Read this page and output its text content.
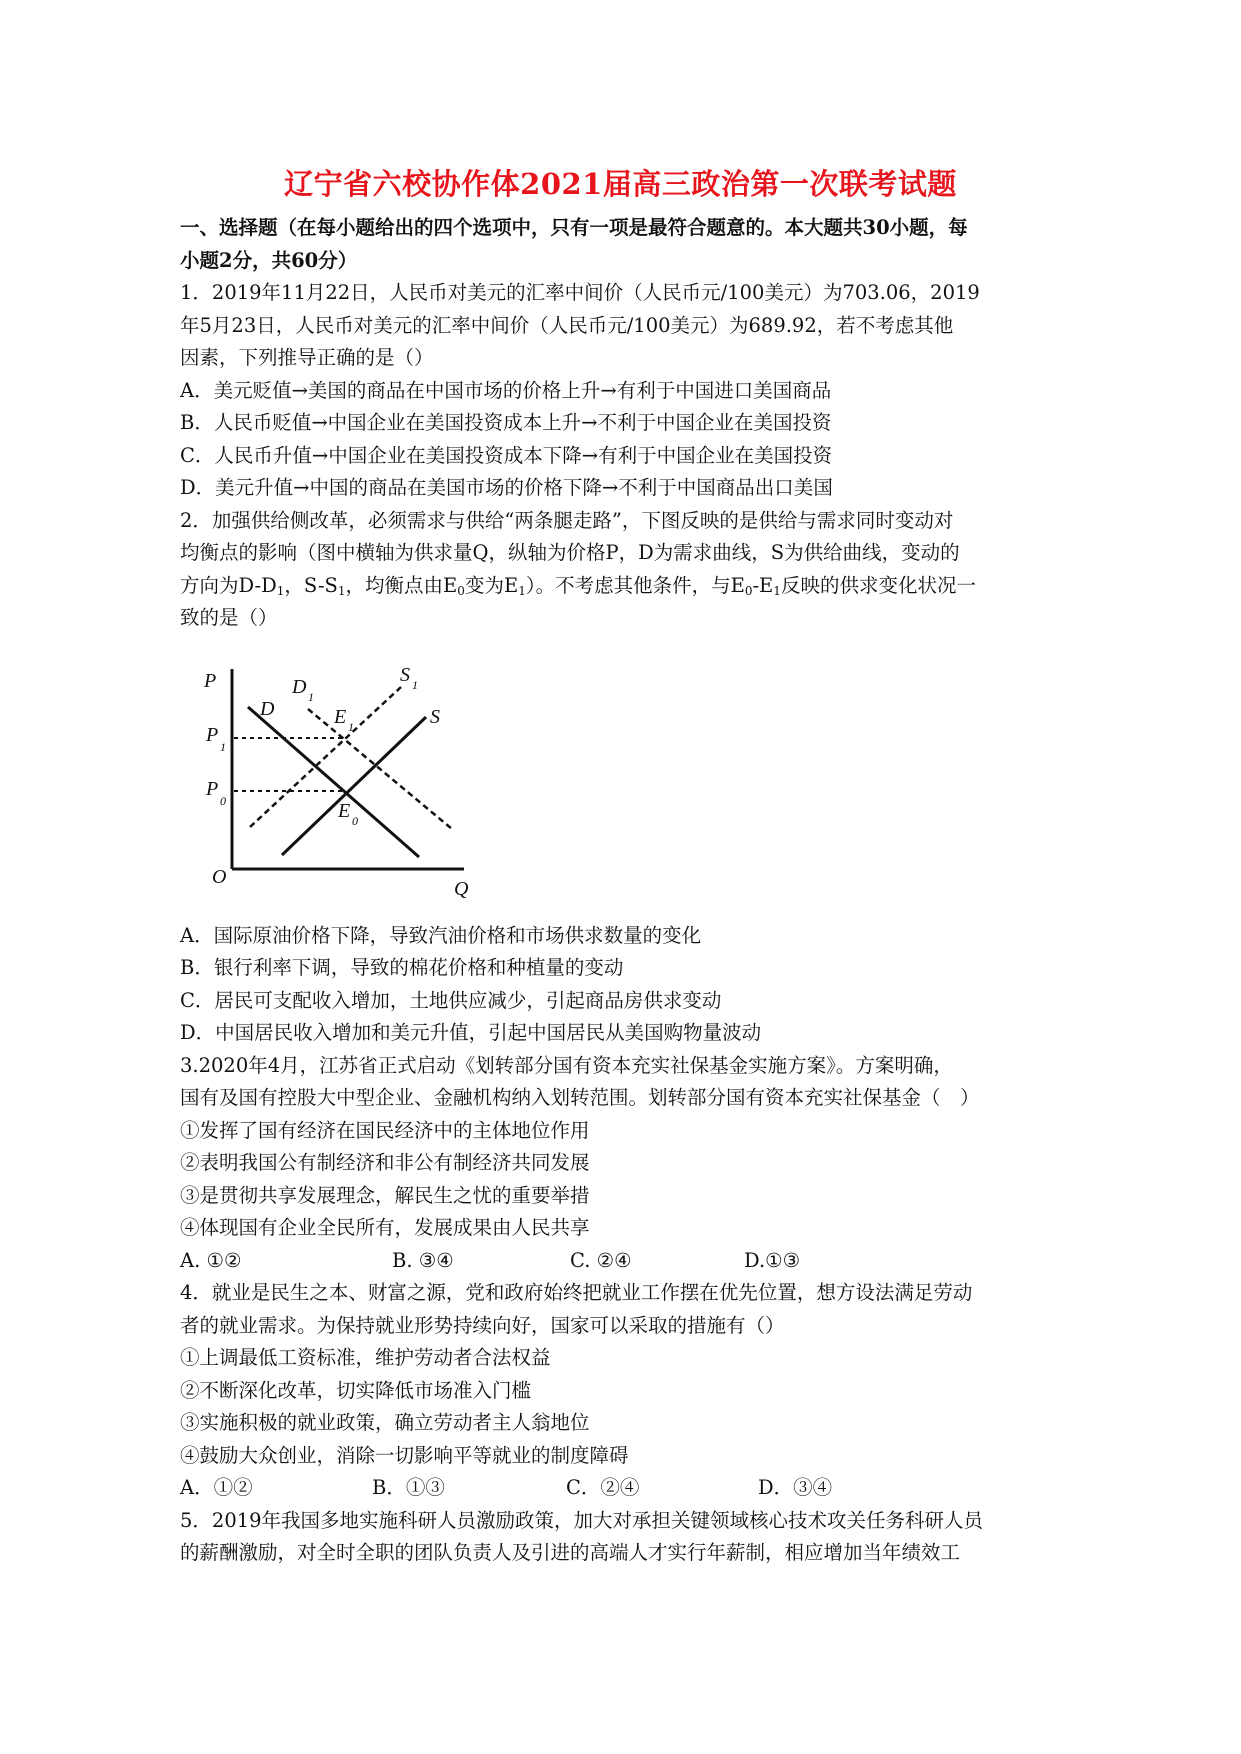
辽宁省六校协作体2021届高三政治第一次联考试题
一、选择题（在每小题给出的四个选项中，只有一项是最符合题意的。本大题共30小题，每
小题2分，共60分）
1．2019年11月22日，人民币对美元的汇率中间价（人民币元/100美元）为703.06，2019
年5月23日，人民币对美元的汇率中间价（人民币元/100美元）为689.92，若不考虑其他
因素，下列推导正确的是（）
A．美元贬值→美国的商品在中国市场的价格上升→有利于中国进口美国商品
B．人民币贬值→中国企业在美国投资成本上升→不利于中国企业在美国投资
C．人民币升值→中国企业在美国投资成本下降→有利于中国企业在美国投资
D．美元升值→中国的商品在美国市场的价格下降→不利于中国商品出口美国
2．加强供给侧改革，必须需求与供给“两条腿走路”，下图反映的是供给与需求同时变动对
均衡点的影响（图中横轴为供求量Q，纵轴为价格P，D为需求曲线，S为供给曲线，变动的
方向为$D-D_1$，$S-S_1$，均衡点由$E_0$变为$E_1$）。不考虑其他条件，与$E_0-E_1$反映的供求变化状况一
致的是（）
P
Q
O
D
D 1
S 1
S
E 1
E 0
P
1
P
0
A．国际原油价格下降，导致汽油价格和市场供求数量的变化
B．银行利率下调，导致的棉花价格和种植量的变动
C．居民可支配收入增加，土地供应减少，引起商品房供求变动
D．中国居民收入增加和美元升值，引起中国居民从美国购物量波动
3.2020年4月，江苏省正式启动《划转部分国有资本充实社保基金实施方案》。方案明确，
国有及国有控股大中型企业、金融机构纳入划转范围。划转部分国有资本充实社保基金（　）
①发挥了国有经济在国民经济中的主体地位作用
②表明我国公有制经济和非公有制经济共同发展
③是贯彻共享发展理念，解民生之忧的重要举措
④体现国有企业全民所有，发展成果由人民共享
A. ①②	B. ③④	C. ②④	D.①③
4．就业是民生之本、财富之源，党和政府始终把就业工作摆在优先位置，想方设法满足劳动
者的就业需求。为保持就业形势持续向好，国家可以采取的措施有（）
①上调最低工资标准，维护劳动者合法权益
②不断深化改革，切实降低市场准入门槛
③实施积极的就业政策，确立劳动者主人翁地位
④鼓励大众创业，消除一切影响平等就业的制度障碍
A．①②	B．①③	C．②④	D．③④
5．2019年我国多地实施科研人员激励政策，加大对承担关键领域核心技术攻关任务科研人员
的薪酬激励，对全时全职的团队负责人及引进的高端人才实行年薪制，相应增加当年绩效工
